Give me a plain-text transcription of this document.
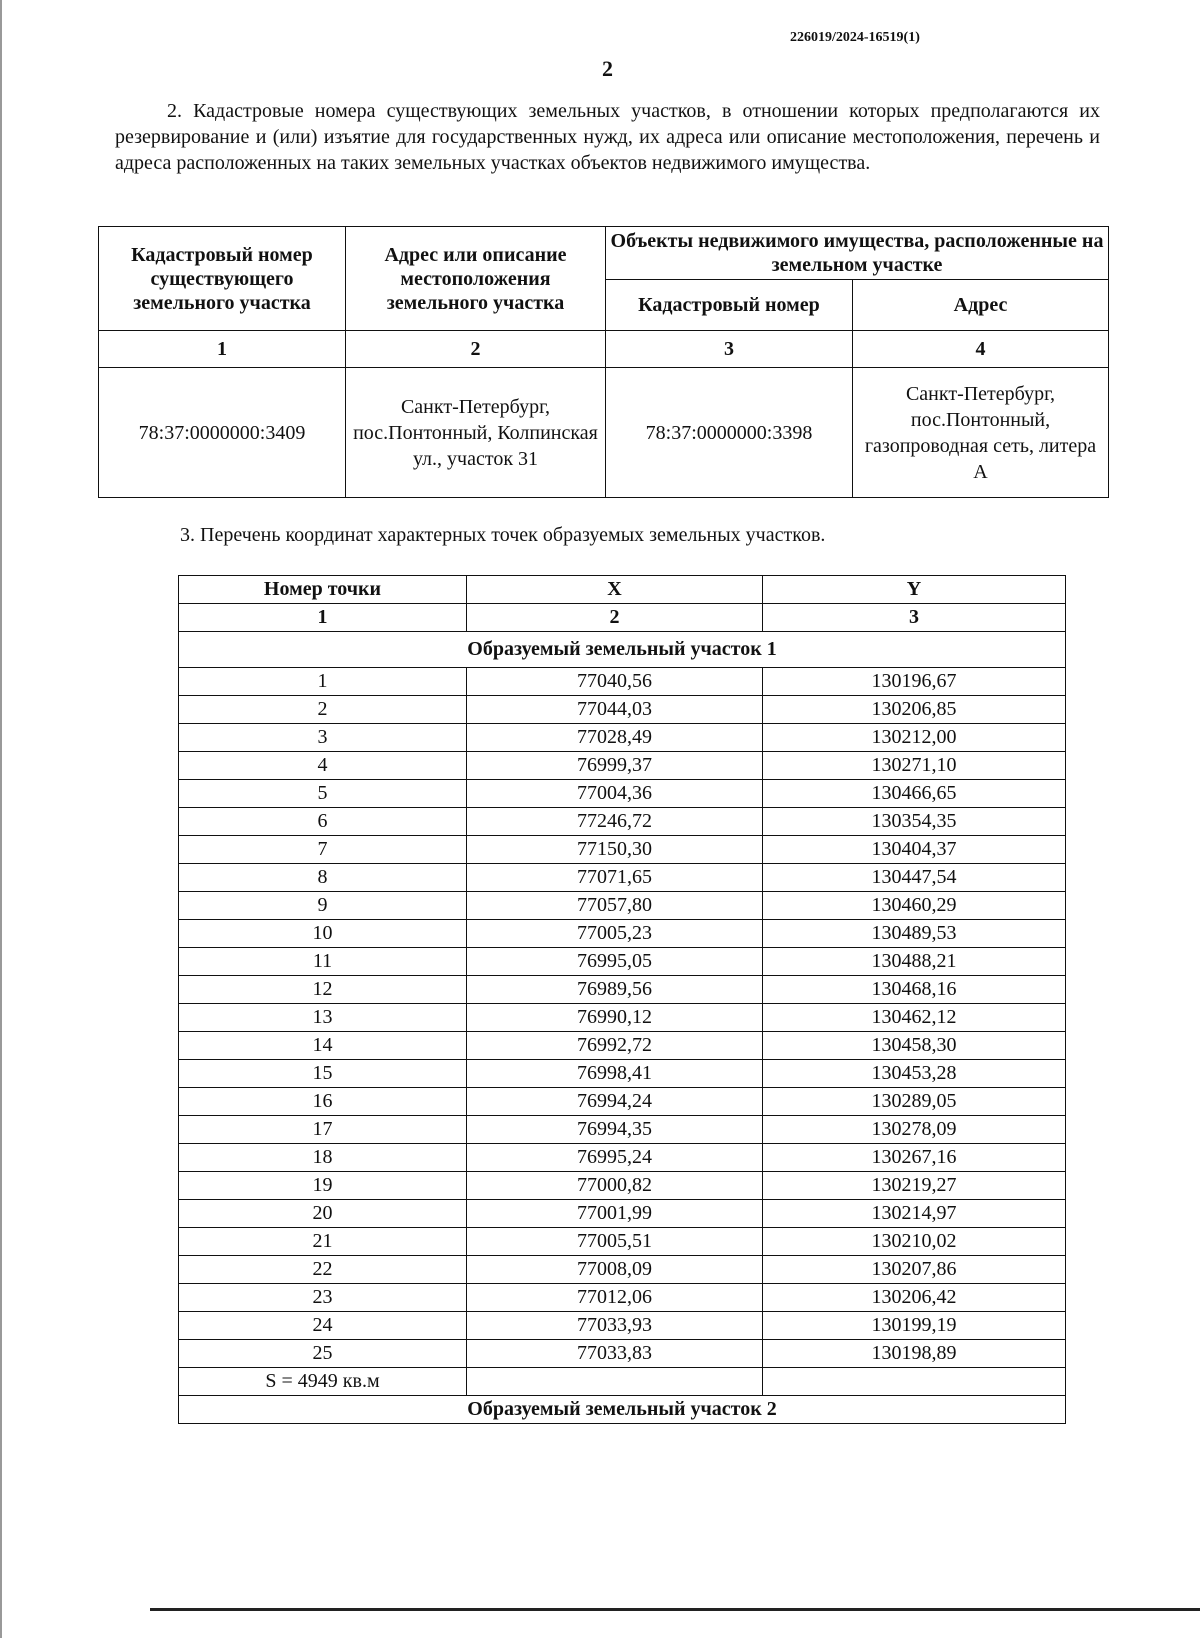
226019/2024-16519(1)
2
2. Кадастровые номера существующих земельных участков, в отношении которых предполагаются их резервирование и (или) изъятие для государственных нужд, их адреса или описание местоположения, перечень и адреса расположенных на таких земельных участках объектов недвижимого имущества.
Кадастровый номер существующего земельного участка	Адрес или описание местоположения земельного участка	Объекты недвижимого имущества, расположенные на земельном участке	
		Кадастровый номер	Адрес
1	2	3	4
78:37:0000000:3409	Санкт-Петербург, пос.Понтонный, Колпинская ул., участок 31	78:37:0000000:3398	Санкт-Петербург, пос.Понтонный, газопроводная сеть, литера А
3. Перечень координат характерных точек образуемых земельных участков.
Номер точки	X	Y
1	2	3
Образуемый земельный участок 1		
1	77040,56	130196,67
2	77044,03	130206,85
3	77028,49	130212,00
4	76999,37	130271,10
5	77004,36	130466,65
6	77246,72	130354,35
7	77150,30	130404,37
8	77071,65	130447,54
9	77057,80	130460,29
10	77005,23	130489,53
11	76995,05	130488,21
12	76989,56	130468,16
13	76990,12	130462,12
14	76992,72	130458,30
15	76998,41	130453,28
16	76994,24	130289,05
17	76994,35	130278,09
18	76995,24	130267,16
19	77000,82	130219,27
20	77001,99	130214,97
21	77005,51	130210,02
22	77008,09	130207,86
23	77012,06	130206,42
24	77033,93	130199,19
25	77033,83	130198,89
S = 4949 кв.м		
Образуемый земельный участок 2		
